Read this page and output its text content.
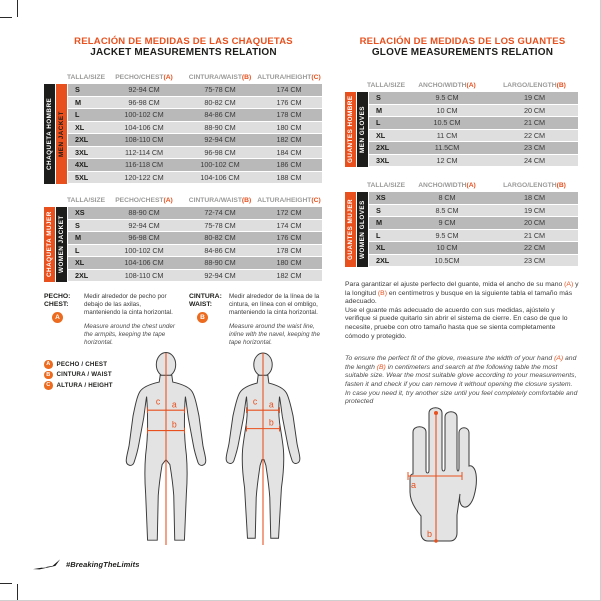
RELACIÓN DE MEDIDAS DE LAS CHAQUETAS
JACKET MEASUREMENTS RELATION
TALLA/SIZE	PECHO/CHEST (A)	CINTURA/WAIST (B) ALTURA/HEIGHT (C)
CHAQUETA HOMBRE MEN JACKET
S	92-94 CM	75-78 CM	174 CM
M	96-98 CM	80-82 CM	176 CM
L	100-102 CM	84-86 CM	178 CM
XL	104-106 CM	88-90 CM	180 CM
2XL	108-110 CM	92-94 CM	182 CM
3XL	112-114 CM	96-98 CM	184 CM
4XL	116-118 CM	100-102 CM	186 CM
5XL	120-122 CM	104-106 CM	188 CM
TALLA/SIZE	PECHO/CHEST (A)	CINTURA/WAIST (B) ALTURA/HEIGHT (C)
CHAQUETA MUJER WOMEN JACKET
XS	88-90 CM	72-74 CM	172 CM
S	92-94 CM	75-78 CM	174 CM
M	96-98 CM	80-82 CM	176 CM
L	100-102 CM	84-86 CM	178 CM
XL	104-106 CM	88-90 CM	180 CM
2XL	108-110 CM	92-94 CM	182 CM
PECHO:
CHEST:
A

Medir alrededor de pecho por debajo de las axilas, manteniendo la cinta horizontal.

Measure around the chest under the armpits, keeping the tape horizontal.

CINTURA:
WAIST:
B

Medir alrededor de la línea de la cintura, en línea con el ombligo, manteniendo la cinta horizontal.

Measure around the waist line, inline with the navel, keeping the tape horizontal.

A	PECHO / CHEST
B	CINTURA / WAIST
C	ALTURA / HEIGHT
c a
b
c a
b
RELACIÓN DE MEDIDAS DE LOS GUANTES
GLOVE MEASUREMENTS RELATION
TALLA/SIZE	ANCHO/WIDTH (A)	LARGO/LENGTH (B)
GUANTES HOMBRE MEN GLOVES
S	9.5 CM	19 CM
M	10 CM	20 CM
L	10.5 CM	21 CM
XL	11 CM	22 CM
2XL	11.5CM	23 CM
3XL	12 CM	24 CM
TALLA/SIZE	ANCHO/WIDTH (A)	LARGO/LENGTH (B)
GUANTES MUJER WOMEN GLOVES
XS	8 CM	18 CM
S	8.5 CM	19 CM
M	9 CM	20 CM
L	9.5 CM	21 CM
XL	10 CM	22 CM
2XL	10.5CM	23 CM

Para garantizar el ajuste perfecto del guante, mida el ancho de su mano (A) y la longitud (B) en centímetros y busque en la siguiente tabla el tamaño más adecuado.

Use el guante más adecuado de acuerdo con sus medidas, ajústelo y verifique si puede quitarlo sin abrir el sistema de cierre. En caso de que lo necesite, pruebe con otro tamaño hasta que se sienta completamente cómodo y protegido.

To ensure the perfect fit of the glove, measure the width of your hand (A) and the length (B) in centimeters and search at the following table the most suitable size. Wear the most suitable glove according to your measurements, fasten it and check if you can remove it without opening the closure system.

In case you need it, try another size until you feel completely comfortable and protected

a
b
#BreakingTheLimits
